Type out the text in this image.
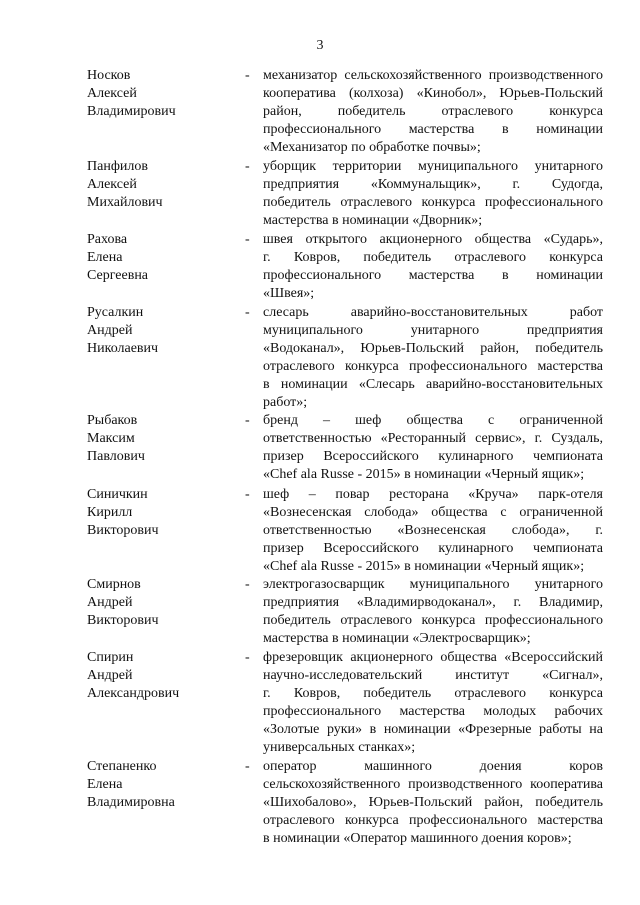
3
Носков
Алексей
Владимирович
- механизатор сельскохозяйственного производственного
кооператива (колхоза) «Кинобол», Юрьев-Польский
район, победитель отраслевого конкурса
профессионального мастерства в номинации
«Механизатор по обработке почвы»;
Панфилов
Алексей
Михайлович
- уборщик территории муниципального унитарного
предприятия «Коммунальщик», г. Судогда,
победитель отраслевого конкурса профессионального
мастерства в номинации «Дворник»;
Рахова
Елена
Сергеевна
- швея открытого акционерного общества «Сударь»,
г. Ковров, победитель отраслевого конкурса
профессионального мастерства в номинации
«Швея»;
Русалкин
Андрей
Николаевич
- слесарь аварийно-восстановительных работ
муниципального унитарного предприятия
«Водоканал», Юрьев-Польский район, победитель
отраслевого конкурса профессионального мастерства
в номинации «Слесарь аварийно-восстановительных
работ»;
Рыбаков
Максим
Павлович
- бренд – шеф общества с ограниченной
ответственностью «Ресторанный сервис», г. Суздаль,
призер Всероссийского кулинарного чемпионата
«Chef ala Russe - 2015» в номинации «Черный ящик»;
Синичкин
Кирилл
Викторович
- шеф – повар ресторана «Круча» парк-отеля
«Вознесенская слобода» общества с ограниченной
ответственностью «Вознесенская слобода», г.
призер Всероссийского кулинарного чемпионата
«Chef ala Russe - 2015» в номинации «Черный ящик»;
Смирнов
Андрей
Викторович
- электрогазосварщик муниципального унитарного
предприятия «Владимирводоканал», г. Владимир,
победитель отраслевого конкурса профессионального
мастерства в номинации «Электросварщик»;
Спирин
Андрей
Александрович
- фрезеровщик акционерного общества «Всероссийский
научно-исследовательский институт «Сигнал»,
г. Ковров, победитель отраслевого конкурса
профессионального мастерства молодых рабочих
«Золотые руки» в номинации «Фрезерные работы на
универсальных станках»;
Степаненко
Елена
Владимировна
- оператор машинного доения коров
сельскохозяйственного производственного кооператива
«Шихобалово», Юрьев-Польский район, победитель
отраслевого конкурса профессионального мастерства
в номинации «Оператор машинного доения коров»;
